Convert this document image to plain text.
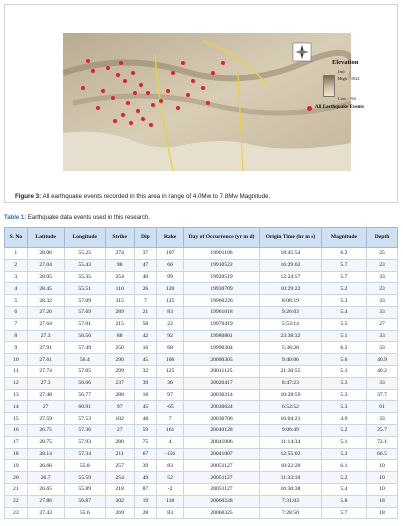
Elevation
(m)
High : 3924
Low : -94
All Earthquake Events
Figure 3: All earthquake events recorded in this area in range of 4.0Mw to 7.8Mw Magnitude.
Table 1: Earthquake data events used in this research.
S. No	Latitude	Longitude	Strike	Dip	Rake	Day of Occurrence (yr m d)	Origin Time (hr m s)	Magnitude	Depth
1	28.06	55.25	274	37	107	19901106	18:45:54	6.2	25
2	27.04	55.43	98	47	66	19910522	16:29:02	5.7	23
3	28.05	55.35	254	40	99	19920519	12:24:57	5.7	33
4	28.45	55.51	110	26	120	19930709	10:29:22	5.2	23
5	28.32	57.09	315	7	125	19960226	8:08:19	5.3	33
6	27.26	57.69	289	21	83	19961018	9:26:03	5.4	33
7	27.64	57.01	215	58	22	19970419	5:53:14	5.5	27
8	27.3	56.56	88	42	92	19980801	23:38:32	5.1	33
9	27.91	57.49	250	16	68	19990304	5:38:28	6.2	33
10	27.61	56.4	290	45	106	20000305	9:40:06	5.6	40.9
11	27.74	57.05	299	32	125	20011125	21:30:55	5.1	40.2
12	27.3	56.66	237	39	36	20020417	8:47:23	5.3	33
13	27.48	56.77	288	18	97	20030214	10:28:59	5.3	37.7
14	27	60.91	97	45	-65	20030624	6:52:52	5.3	61
15	27.59	57.53	102	48	7	20030706	16:04:21	4.9	33
16	26.75	57.36	27	59	161	20040128	9:06:49	5.2	25.7
17	28.75	57.93	280	75	4	20041006	11:14:34	5.1	72.1
18	28.14	57.34	211	67	-156	20041007	12:55:02	5.3	66.5
19	26.66	55.8	257	39	83	20051127	10:22:20	6.1	10
20	26.7	55.59	254	49	52	20051127	11:33:10	5.2	10
21	26.65	55.89	218	87	-2	20051127	16:30:38	5.4	10
22	27.86	56.87	302	19	118	20060228	7:31:03	5.8	18
23	27.43	55.6	269	28	83	20060325	7:28:50	5.7	18
